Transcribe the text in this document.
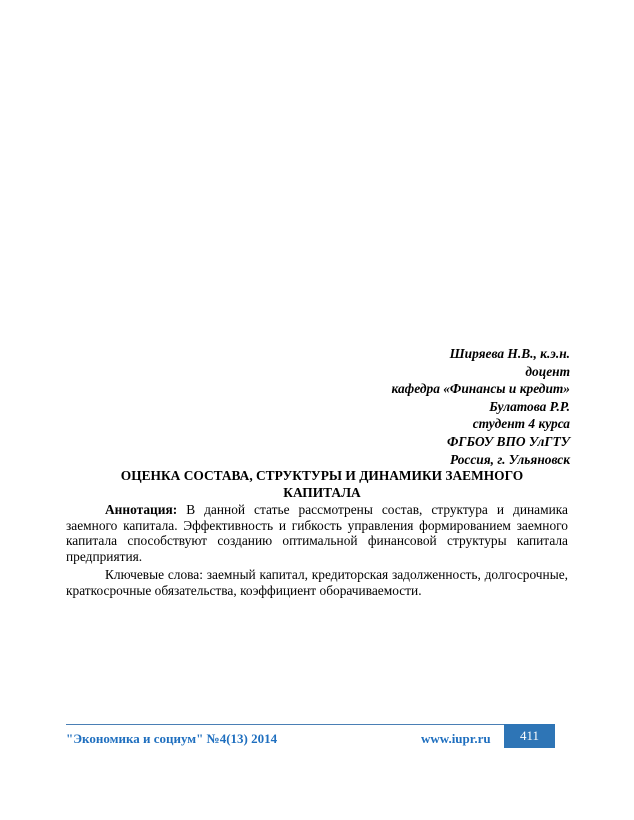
Ширяева Н.В., к.э.н.
доцент
кафедра «Финансы и кредит»
Булатова Р.Р.
студент 4 курса
ФГБОУ ВПО УлГТУ
Россия, г. Ульяновск
ОЦЕНКА СОСТАВА, СТРУКТУРЫ И ДИНАМИКИ ЗАЕМНОГО
КАПИТАЛА
Аннотация: В данной статье рассмотрены состав, структура и динамика заемного капитала. Эффективность и гибкость управления формированием заемного капитала способствуют созданию оптимальной финансовой структуры капитала предприятия.
Ключевые слова: заемный капитал, кредиторская задолженность, долгосрочные, краткосрочные обязательства, коэффициент оборачиваемости.
"Экономика и социум" №4(13) 2014	www.iupr.ru	411
